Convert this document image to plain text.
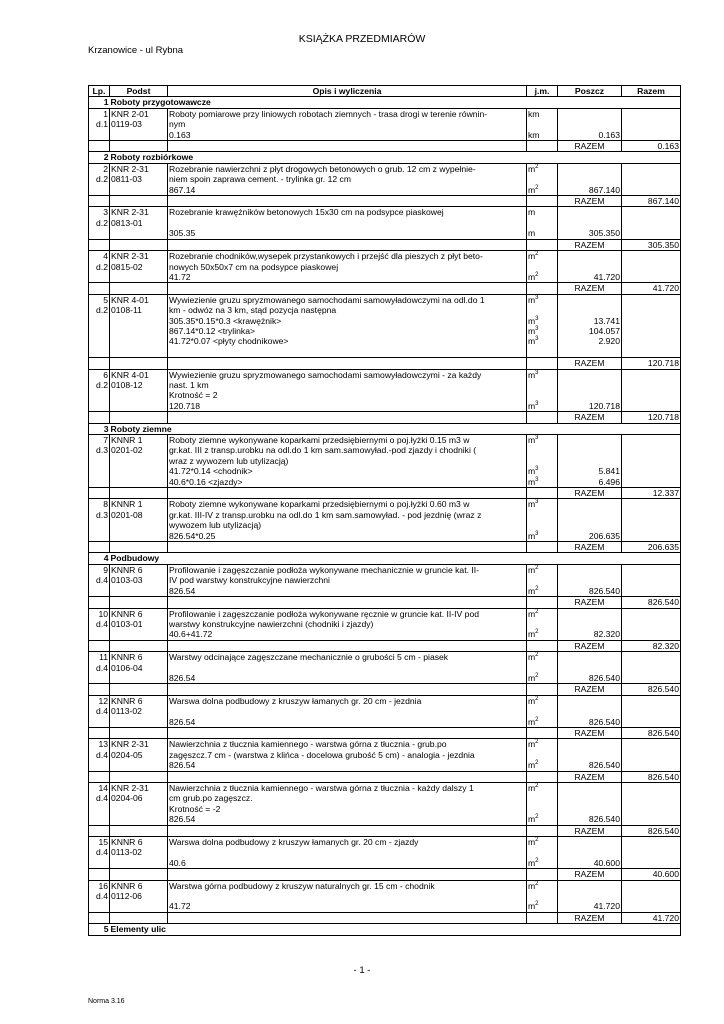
KSIĄŻKA PRZEDMIARÓW
Krzanowice - ul Rybna
Lp.	Podst	Opis i wyliczenia	j.m.	Poszcz	Razem
1	Roboty przygotowawcze				
1	KNR 2-01	Roboty pomiarowe przy liniowych robotach ziemnych - trasa drogi w terenie równin-	km		
d.1	0119-03	nym			
		0.163	km	0.163	
				RAZEM	0.163
2	Roboty rozbiórkowe				
2	KNR 2-31	Rozebranie nawierzchni z płyt drogowych betonowych o grub. 12 cm z wypełnie-	$m^2$		
d.2	0811-03	niem spoin zaprawa cement. - trylinka gr. 12 cm			
		867.14	$m^2$	867.140	
				RAZEM	867.140
3	KNR 2-31	Rozebranie krawężników betonowych 15x30 cm na podsypce piaskowej	m		
d.2	0813-01				
		305.35	m	305.350	
				RAZEM	305.350
4	KNR 2-31	Rozebranie chodników,wysepek przystankowych i przejść dla pieszych z płyt beto-	$m^2$		
d.2	0815-02	nowych 50x50x7 cm na podsypce piaskowej			
		41.72	$m^2$	41.720	
				RAZEM	41.720
5	KNR 4-01	Wywiezienie gruzu spryzmowanego samochodami samowyładowczymi na odl.do 1	$m^3$		
d.2	0108-11	km - odwóz na 3 km, stąd pozycja następna			
		305.35*0.15*0.3 <krawężnik>	$m^3$	13.741	
		867.14*0.12 <trylinka>	$m^3$	104.057	
		41.72*0.07 <płyty chodnikowe>	$m^3$	2.920	

				RAZEM	120.718
6	KNR 4-01	Wywiezienie gruzu spryzmowanego samochodami samowyładowczymi - za każdy	$m^3$		
d.2	0108-12	nast. 1 km			
		Krotność = 2			
		120.718	$m^3$	120.718	
				RAZEM	120.718
3	Roboty ziemne				
7	KNNR 1	Roboty ziemne wykonywane koparkami przedsiębiernymi o poj.łyżki 0.15 m3 w	$m^3$		
d.3	0201-02	gr.kat. III z transp.urobku na odl.do 1 km sam.samowyład.-pod zjazdy i chodniki (			
		wraz z wywozem lub utylizacją)			
		41.72*0.14 <chodnik>	$m^3$	5.841	
		40.6*0.16 <zjazdy>	$m^3$	6.496	
				RAZEM	12.337
8	KNNR 1	Roboty ziemne wykonywane koparkami przedsiębiernymi o poj.łyżki 0.60 m3 w	$m^3$		
d.3	0201-08	gr.kat. III-IV z transp.urobku na odl.do 1 km sam.samowyład. - pod jezdnię (wraz z			
		wywozem lub utylizacją)			
		826.54*0.25	$m^3$	206.635	
				RAZEM	206.635
4	Podbudowy				
9	KNNR 6	Profilowanie i zagęszczanie podłoża wykonywane mechanicznie w gruncie kat. II-	$m^2$		
d.4	0103-03	IV pod warstwy konstrukcyjne nawierzchni			
		826.54	$m^2$	826.540	
				RAZEM	826.540
10	KNNR 6	Profilowanie i zagęszczanie podłoża wykonywane ręcznie w gruncie kat. II-IV pod	$m^2$		
d.4	0103-01	warstwy konstrukcyjne nawierzchni (chodniki i zjazdy)			
		40.6+41.72	$m^2$	82.320	
				RAZEM	82.320
11	KNNR 6	Warstwy odcinające zagęszczane mechanicznie o grubości 5 cm - piasek	$m^2$		
d.4	0106-04				
		826.54	$m^2$	826.540	
				RAZEM	826.540
12	KNNR 6	Warswa dolna podbudowy z kruszyw łamanych gr. 20 cm - jezdnia	$m^2$		
d.4	0113-02				
		826.54	$m^2$	826.540	
				RAZEM	826.540
13	KNR 2-31	Nawierzchnia z tłucznia kamiennego - warstwa górna z tłucznia - grub.po	$m^2$		
d.4	0204-05	zagęszcz.7 cm - (warstwa z klińca - docelowa grubość 5 cm) - analogia - jezdnia			
		826.54	$m^2$	826.540	
				RAZEM	826.540
14	KNR 2-31	Nawierzchnia z tłucznia kamiennego - warstwa górna z tłucznia - każdy dalszy 1	$m^2$		
d.4	0204-06	cm grub.po zagęszcz.			
		Krotność = -2			
		826.54	$m^2$	826.540	
				RAZEM	826.540
15	KNNR 6	Warswa dolna podbudowy z kruszyw łamanych gr. 20 cm - zjazdy	$m^2$		
d.4	0113-02				
		40.6	$m^2$	40.600	
				RAZEM	40.600
16	KNNR 6	Warstwa górna podbudowy z kruszyw naturalnych gr. 15 cm - chodnik	$m^2$		
d.4	0112-06				
		41.72	$m^2$	41.720	
				RAZEM	41.720
5	Elementy ulic				
- 1 -
Norma 3.16
